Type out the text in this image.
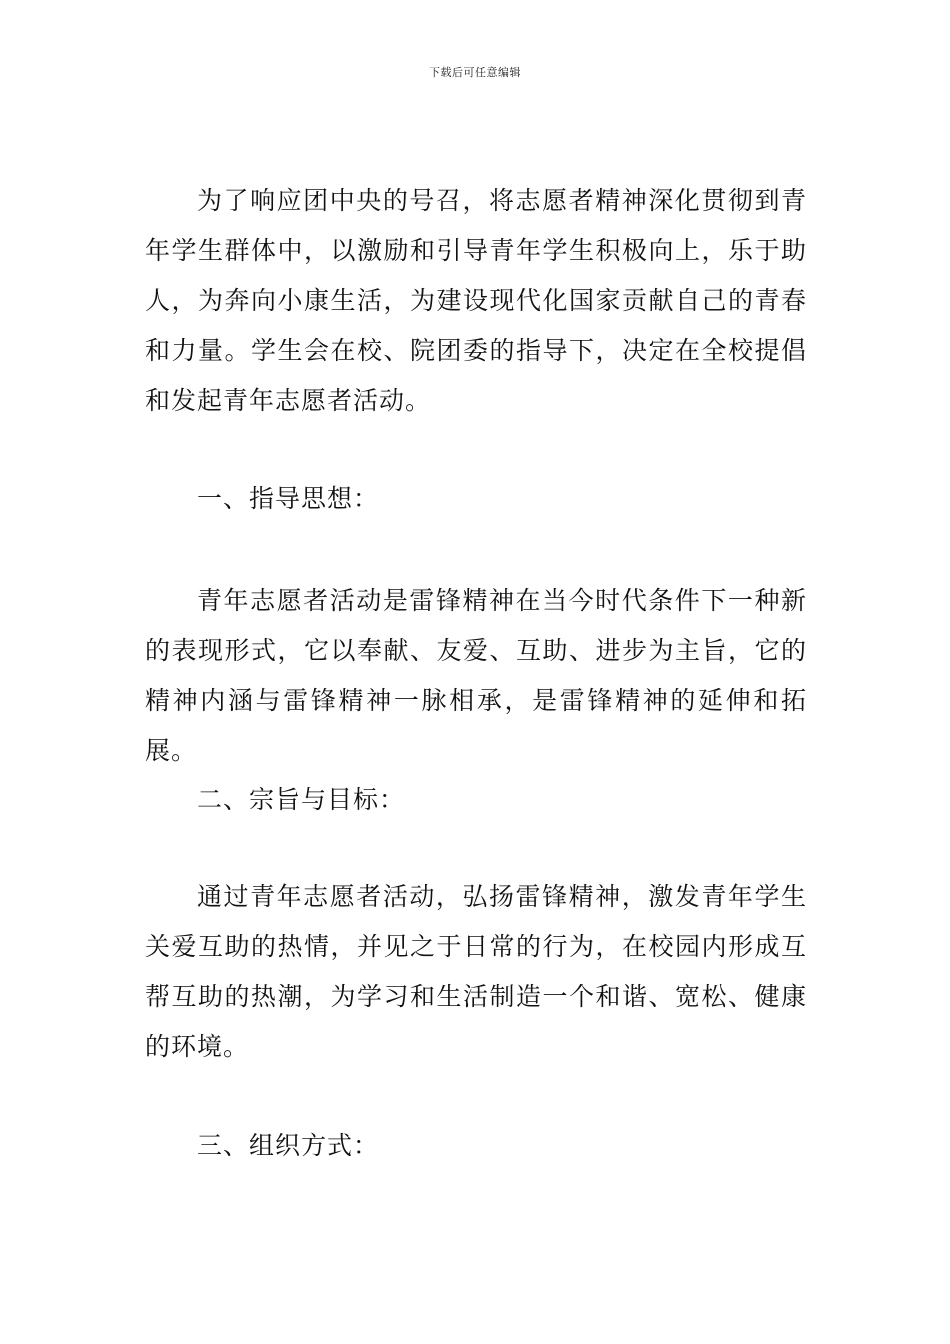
下载后可任意编辑

为了响应团中央的号召，将志愿者精神深化贯彻到青年学生群体中，以激励和引导青年学生积极向上，乐于助人，为奔向小康生活，为建设现代化国家贡献自己的青春和力量。学生会在校、院团委的指导下，决定在全校提倡和发起青年志愿者活动。

一、指导思想：

青年志愿者活动是雷锋精神在当今时代条件下一种新的表现形式，它以奉献、友爱、互助、进步为主旨，它的精神内涵与雷锋精神一脉相承，是雷锋精神的延伸和拓展。

二、宗旨与目标：

通过青年志愿者活动，弘扬雷锋精神，激发青年学生关爱互助的热情，并见之于日常的行为，在校园内形成互帮互助的热潮，为学习和生活制造一个和谐、宽松、健康的环境。

三、组织方式：
